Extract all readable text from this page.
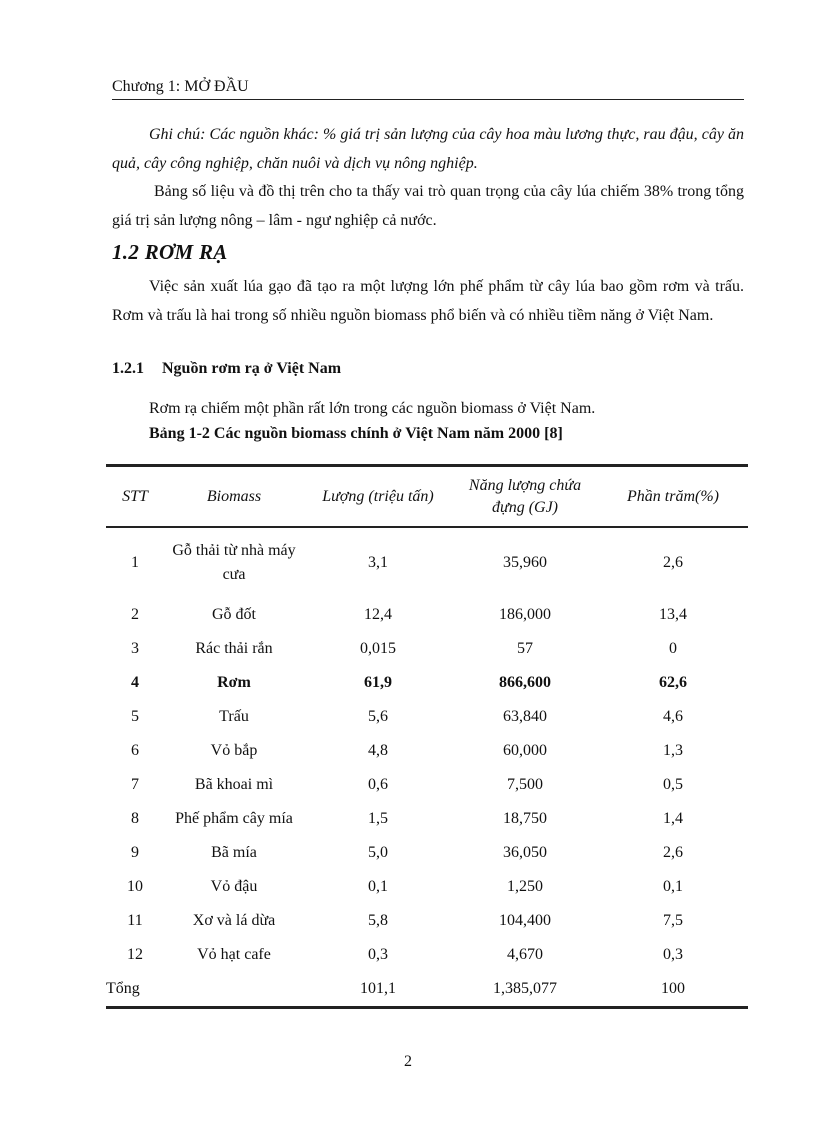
Chương 1: MỞ ĐẦU

Ghi chú: Các nguồn khác: % giá trị sản lượng của cây hoa màu lương thực, rau đậu, cây ăn quả, cây công nghiệp, chăn nuôi và dịch vụ nông nghiệp.

Bảng số liệu và đồ thị trên cho ta thấy vai trò quan trọng của cây lúa chiếm 38% trong tổng giá trị sản lượng nông – lâm - ngư nghiệp cả nước.

1.2 RƠM RẠ

Việc sản xuất lúa gạo đã tạo ra một lượng lớn phế phẩm từ cây lúa bao gồm rơm và trấu. Rơm và trấu là hai trong số nhiều nguồn biomass phổ biến và có nhiều tiềm năng ở Việt Nam.

1.2.1 Nguồn rơm rạ ở Việt Nam

Rơm rạ chiếm một phần rất lớn trong các nguồn biomass ở Việt Nam.

Bảng 1-2 Các nguồn biomass chính ở Việt Nam năm 2000 [8]
STT	Biomass	Lượng (triệu tấn)	Năng lượng chứa đựng (GJ)	Phần trăm(%)
1	Gỗ thải từ nhà máy cưa	3,1	35,960	2,6
2	Gỗ đốt	12,4	186,000	13,4
3	Rác thải rắn	0,015	57	0
4	Rơm	61,9	866,600	62,6
5	Trấu	5,6	63,840	4,6
6	Vỏ bắp	4,8	60,000	1,3
7	Bã khoai mì	0,6	7,500	0,5
8	Phế phẩm cây mía	1,5	18,750	1,4
9	Bã mía	5,0	36,050	2,6
10	Vỏ đậu	0,1	1,250	0,1
11	Xơ và lá dừa	5,8	104,400	7,5
12	Vỏ hạt cafe	0,3	4,670	0,3
Tổng		101,1	1,385,077	100
2
